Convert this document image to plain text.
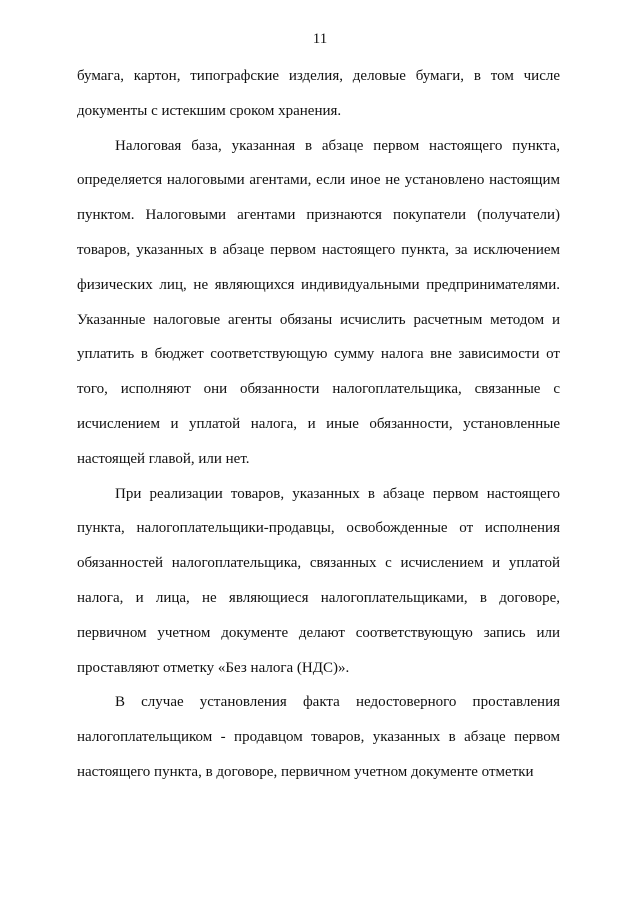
11

бумага, картон, типографские изделия, деловые бумаги, в том числе документы с истекшим сроком хранения.

Налоговая база, указанная в абзаце первом настоящего пункта, определяется налоговыми агентами, если иное не установлено настоящим пунктом. Налоговыми агентами признаются покупатели (получатели) товаров, указанных в абзаце первом настоящего пункта, за исключением физических лиц, не являющихся индивидуальными предпринимателями. Указанные налоговые агенты обязаны исчислить расчетным методом и уплатить в бюджет соответствующую сумму налога вне зависимости от того, исполняют они обязанности налогоплательщика, связанные с исчислением и уплатой налога, и иные обязанности, установленные настоящей главой, или нет.

При реализации товаров, указанных в абзаце первом настоящего пункта, налогоплательщики-продавцы, освобожденные от исполнения обязанностей налогоплательщика, связанных с исчислением и уплатой налога, и лица, не являющиеся налогоплательщиками, в договоре, первичном учетном документе делают соответствующую запись или проставляют отметку «Без налога (НДС)».

В случае установления факта недостоверного проставления налогоплательщиком - продавцом товаров, указанных в абзаце первом настоящего пункта, в договоре, первичном учетном документе отметки
